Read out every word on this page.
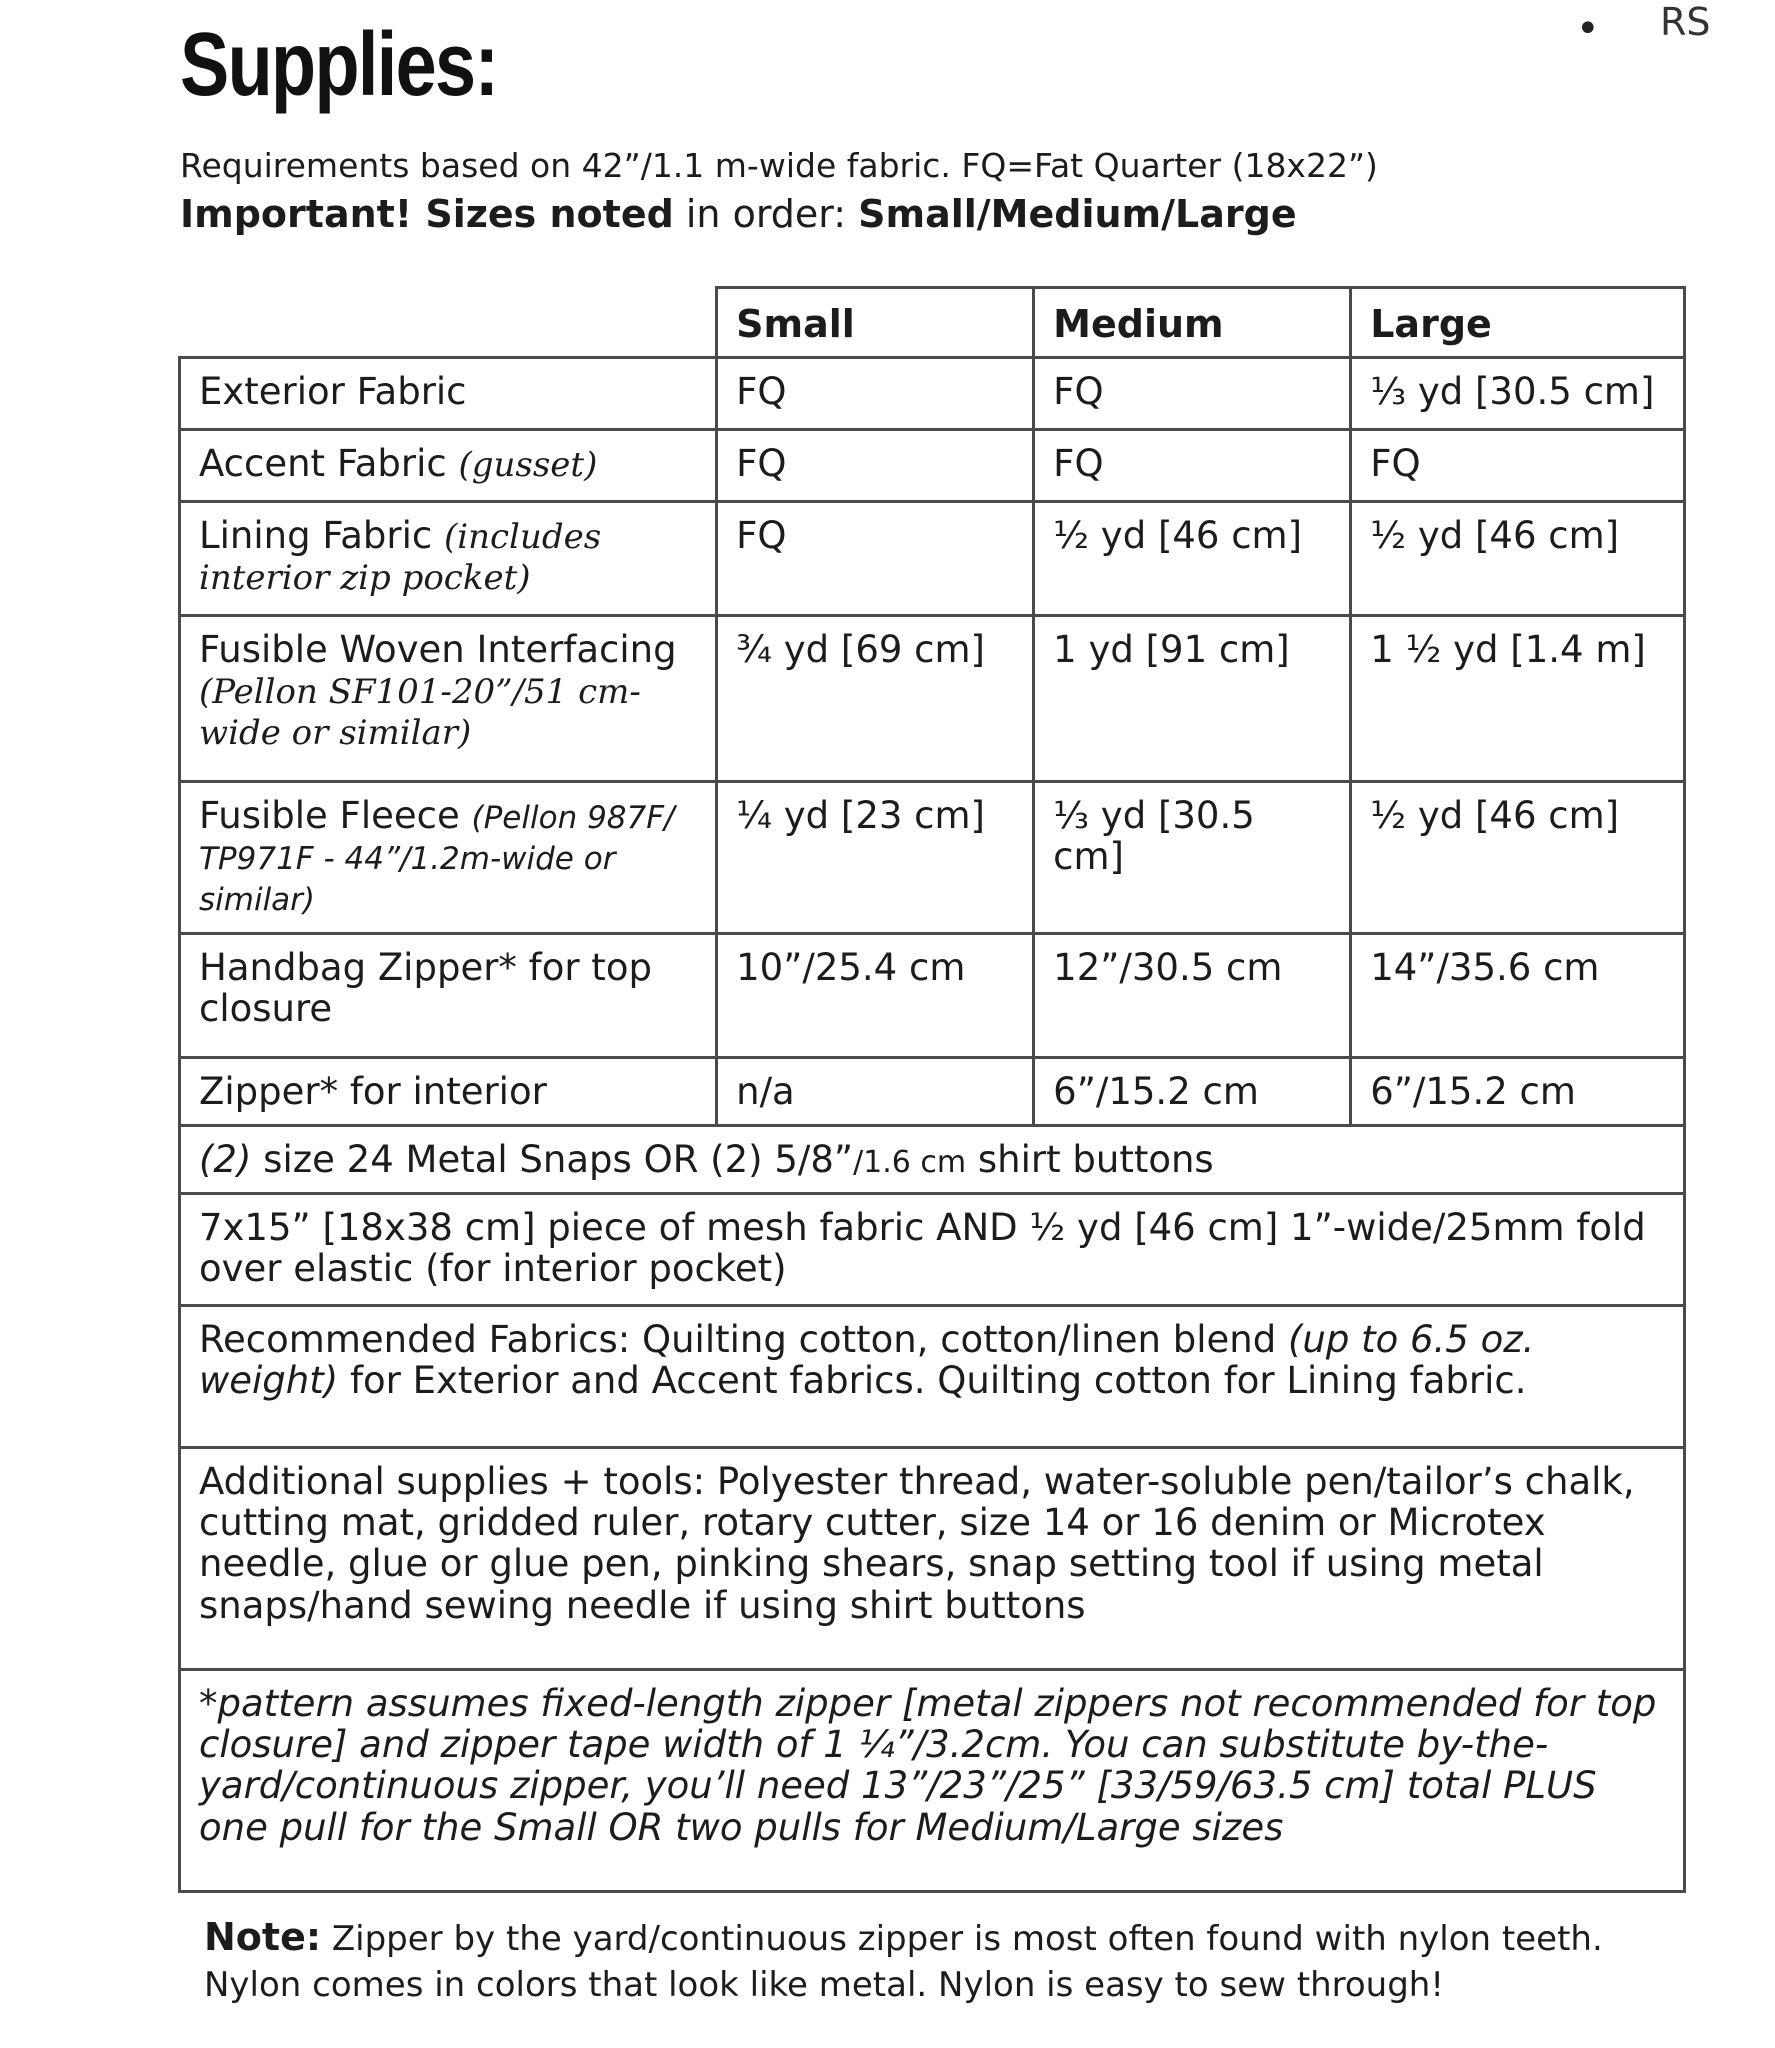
Supplies:	• RS

Requirements based on 42”/1.1 m-wide fabric. FQ=Fat Quarter (18x22”)

Important! Sizes noted in order: Small/Medium/Large

	Small	Medium	Large
Exterior Fabric	FQ	FQ	⅓ yd [30.5 cm]
Accent Fabric (gusset)	FQ	FQ	FQ
Lining Fabric (includes interior zip pocket)	FQ	½ yd [46 cm]	½ yd [46 cm]
Fusible Woven Interfacing (Pellon SF101-20”/51 cm-wide or similar)	¾ yd [69 cm]	1 yd [91 cm]	1 ½ yd [1.4 m]
Fusible Fleece (Pellon 987F/ TP971F - 44”/1.2m-wide or similar)	¼ yd [23 cm]	⅓ yd [30.5 cm]	½ yd [46 cm]
Handbag Zipper* for top closure	10”/25.4 cm	12”/30.5 cm	14”/35.6 cm
Zipper* for interior	n/a	6”/15.2 cm	6”/15.2 cm
(2) size 24 Metal Snaps OR (2) 5/8”/1.6 cm shirt buttons			
7x15” [18x38 cm] piece of mesh fabric AND ½ yd [46 cm] 1”-wide/25mm fold over elastic (for interior pocket)			
Recommended Fabrics: Quilting cotton, cotton/linen blend (up to 6.5 oz. weight) for Exterior and Accent fabrics. Quilting cotton for Lining fabric.			
Additional supplies + tools: Polyester thread, water-soluble pen/tailor’s chalk, cutting mat, gridded ruler, rotary cutter, size 14 or 16 denim or Microtex needle, glue or glue pen, pinking shears, snap setting tool if using metal snaps/hand sewing needle if using shirt buttons			
*pattern assumes fixed-length zipper [metal zippers not recommended for top closure] and zipper tape width of 1 ¼”/3.2cm. You can substitute by-the-yard/continuous zipper, you’ll need 13”/23”/25” [33/59/63.5 cm] total PLUS one pull for the Small OR two pulls for Medium/Large sizes			

Note: Zipper by the yard/continuous zipper is most often found with nylon teeth. Nylon comes in colors that look like metal. Nylon is easy to sew through!
